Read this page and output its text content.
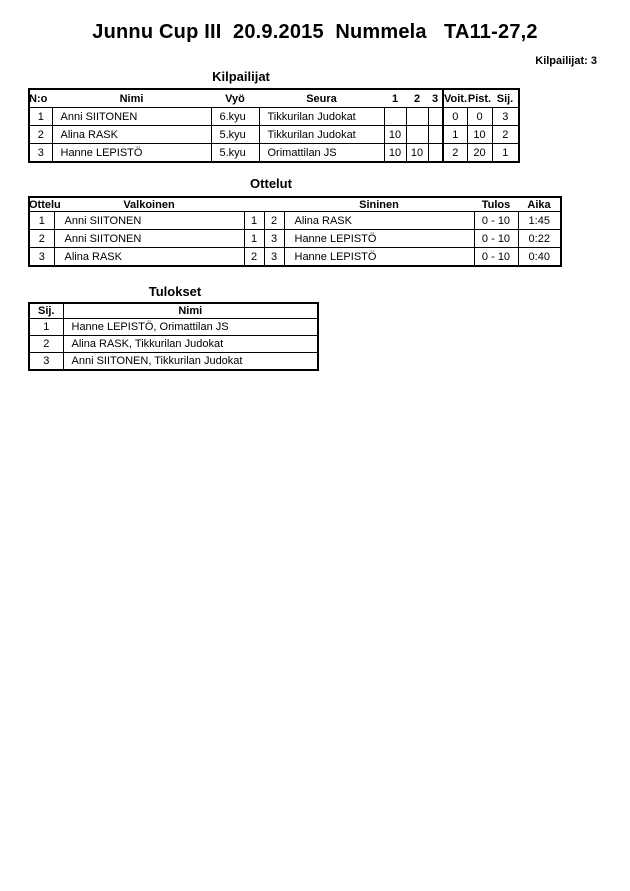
Junnu Cup III  20.9.2015  Nummela   TA11-27,2
Kilpailijat: 3
Kilpailijat
N:o	Nimi	Vyö	Seura	1	2	3	Voit.	Pist.	Sij.
1	Anni SIITONEN	6.kyu	Tikkurilan Judokat				0	0	3
2	Alina RASK	5.kyu	Tikkurilan Judokat	10			1	10	2
3	Hanne LEPISTÖ	5.kyu	Orimattilan JS	10	10		2	20	1
Ottelut
Ottelu	Valkoinen			Sininen	Tulos	Aika
1	Anni SIITONEN	1	2	Alina RASK	0 - 10	1:45
2	Anni SIITONEN	1	3	Hanne LEPISTÖ	0 - 10	0:22
3	Alina RASK	2	3	Hanne LEPISTÖ	0 - 10	0:40
Tulokset
Sij.	Nimi
1	Hanne LEPISTÖ, Orimattilan JS
2	Alina RASK, Tikkurilan Judokat
3	Anni SIITONEN, Tikkurilan Judokat
